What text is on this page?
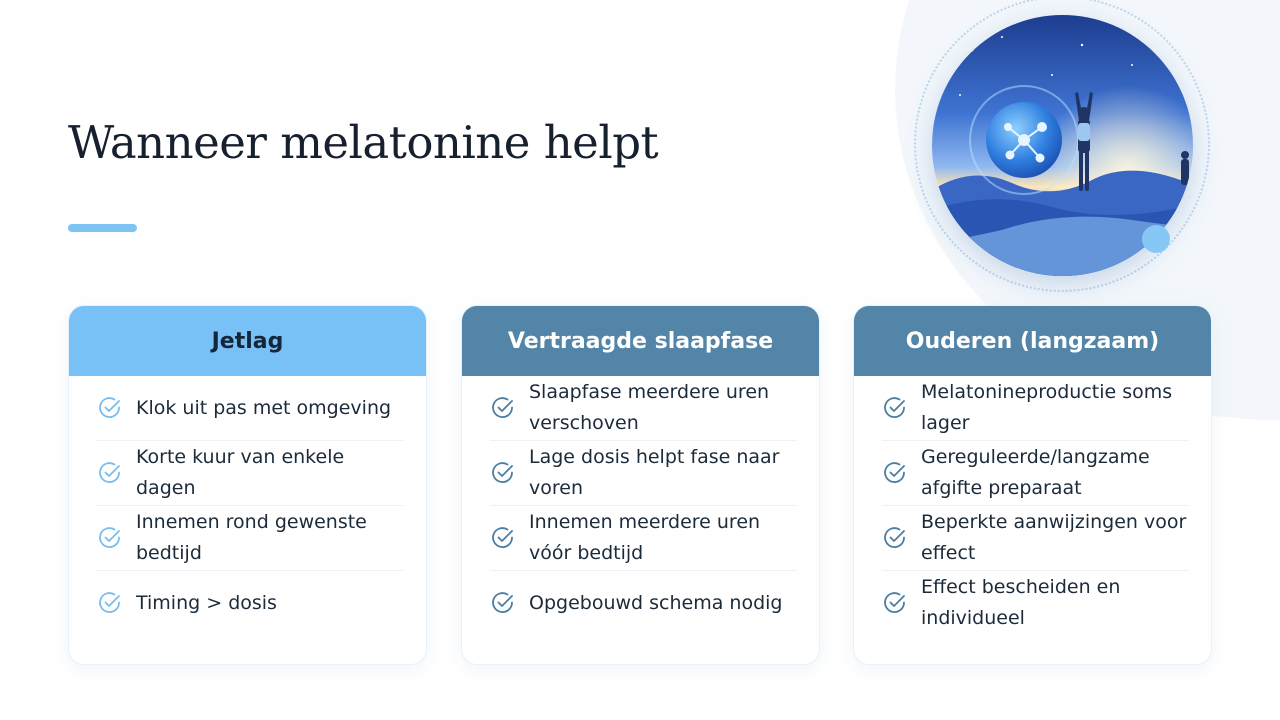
Wanneer melatonine helpt
Jetlag
Klok uit pas met omgeving
Korte kuur van enkele dagen
Innemen rond gewenste bedtijd
Timing > dosis
Vertraagde slaapfase
Slaapfase meerdere uren verschoven
Lage dosis helpt fase naar voren
Innemen meerdere uren vóór bedtijd
Opgebouwd schema nodig
Ouderen (langzaam)
Melatonineproductie soms lager
Gereguleerde/langzame afgifte preparaat
Beperkte aanwijzingen voor effect
Effect bescheiden en individueel
